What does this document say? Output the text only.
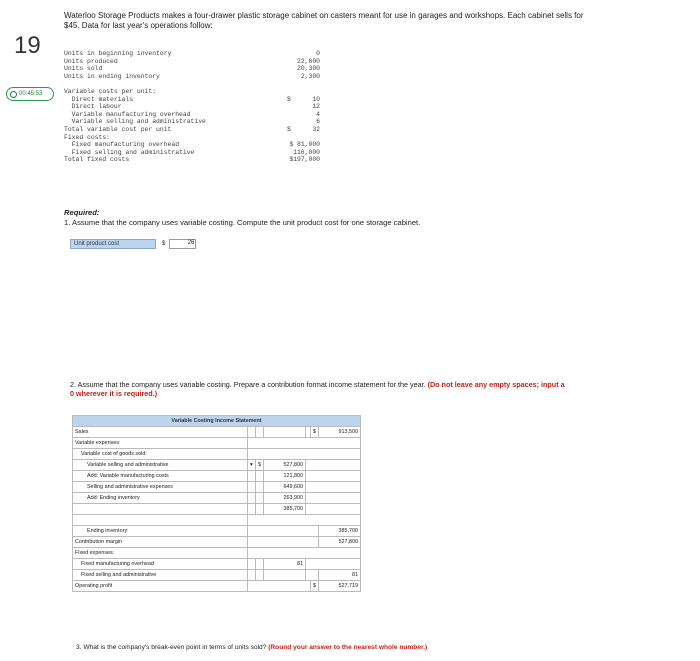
19
00:45:53
Waterloo Storage Products makes a four-drawer plastic storage cabinet on casters meant for use in garages and workshops. Each cabinet sells for $45. Data for last year's operations follow:
Units in beginning inventory	0
Units produced	22,600
Units sold	20,300
Units in ending inventory	2,300
Variable costs per unit:
Direct materials	$	10
Direct labour	12
Variable manufacturing overhead	4
Variable selling and administrative	6
Total variable cost per unit	$	32
Fixed costs:
Fixed manufacturing overhead	$ 81,000
Fixed selling and administrative	116,000
Total fixed costs	$197,000
Required:
1. Assume that the company uses variable costing. Compute the unit product cost for one storage cabinet.
Unit product cost	$	26
2. Assume that the company uses variable costing. Prepare a contribution format income statement for the year. (Do not leave any empty spaces; input a 0 wherever it is required.)
Variable Costing Income Statement						
Sales					$	913,500
Variable expenses:						
Variable cost of goods sold:						
Variable selling and administrative	▾	$	527,800			
Add: Variable manufacturing costs			121,800			
Selling and administrative expenses			649,600			
Add: Ending inventory			263,900			
			385,700			

Ending inventory						385,700
Contribution margin						527,800
Fixed expenses:						
Fixed manufacturing overhead			81			
Fixed selling and administrative						81
Operating profit					$	527,719
3. What is the company's break-even point in terms of units sold? (Round your answer to the nearest whole number.)
